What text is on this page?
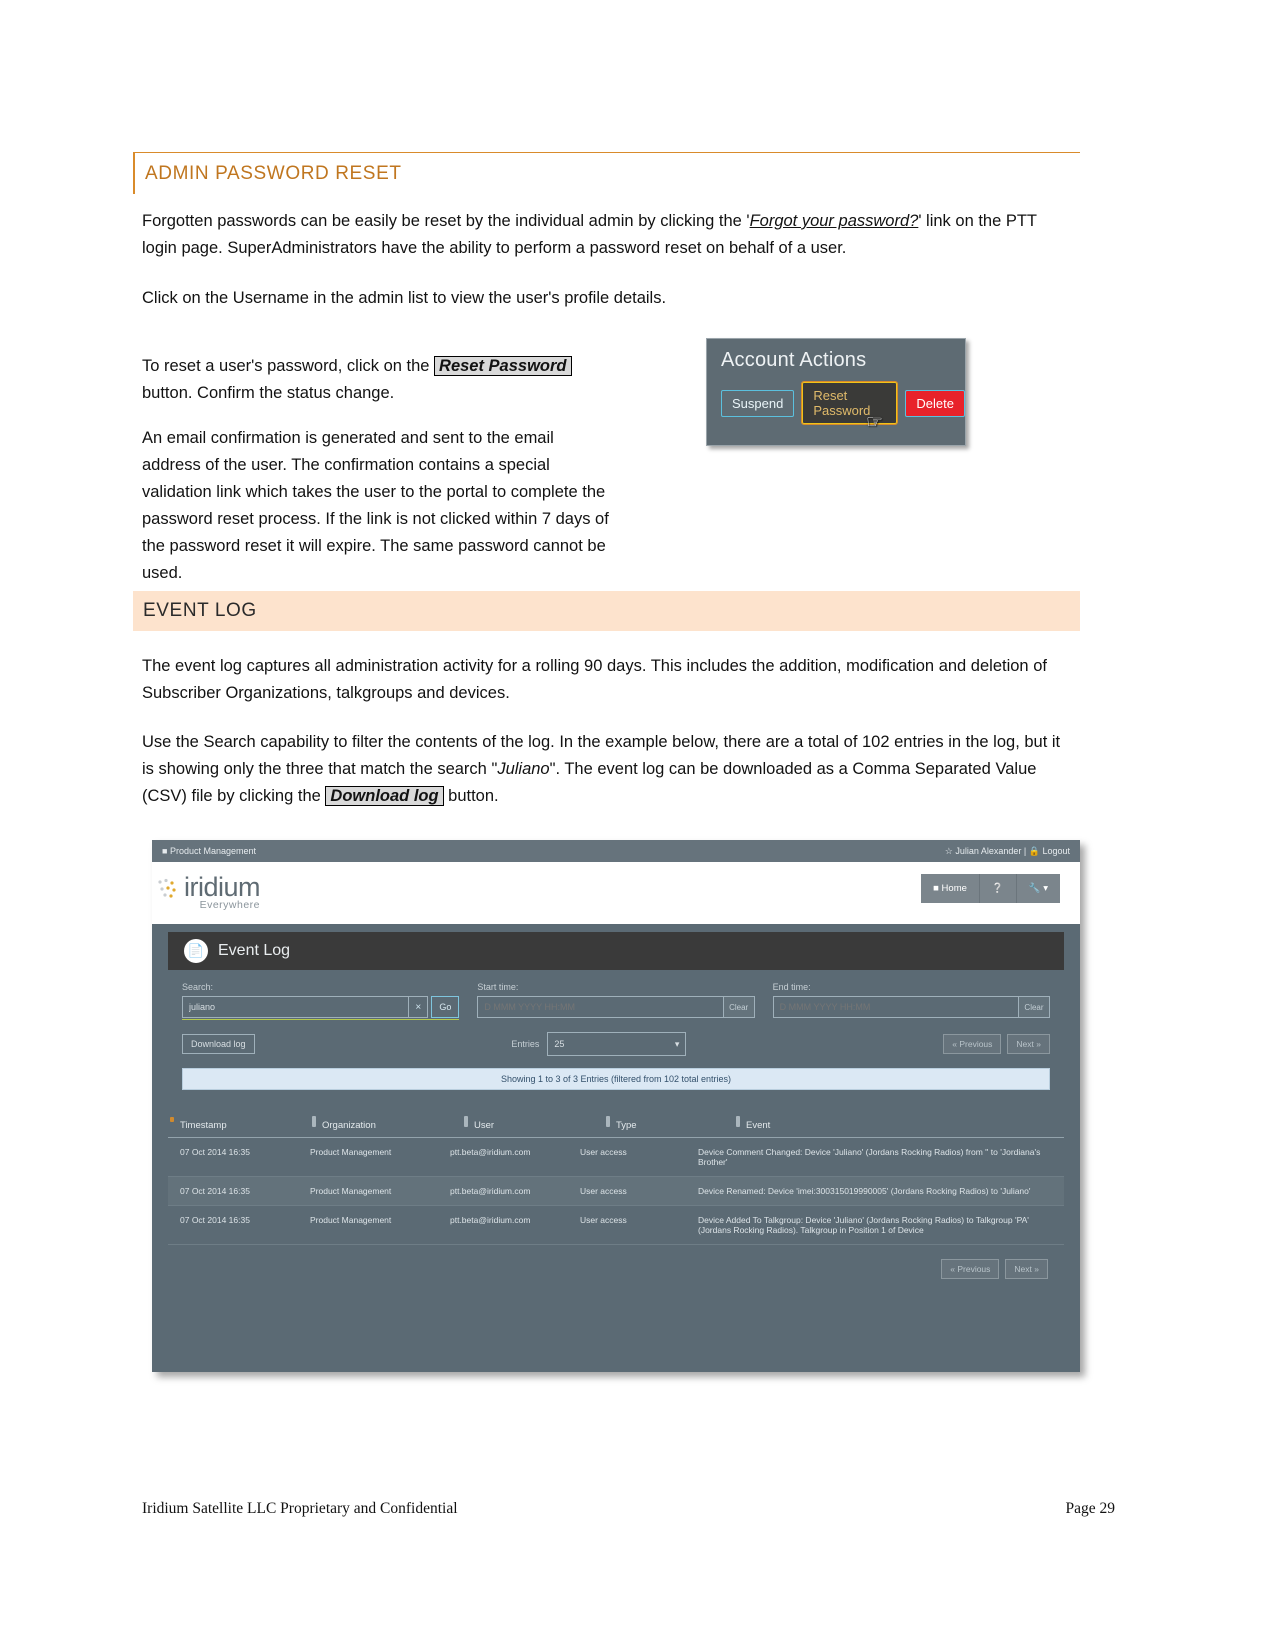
ADMIN PASSWORD RESET
Forgotten passwords can be easily be reset by the individual admin by clicking the 'Forgot your password?' link on the PTT login page. SuperAdministrators have the ability to perform a password reset on behalf of a user.
Click on the Username in the admin list to view the user's profile details.
To reset a user's password, click on the Reset Password button. Confirm the status change.
An email confirmation is generated and sent to the email address of the user. The confirmation contains a special validation link which takes the user to the portal to complete the password reset process. If the link is not clicked within 7 days of the password reset it will expire. The same password cannot be used.
Account Actions
Suspend	Reset Password	Delete
☞
EVENT LOG
The event log captures all administration activity for a rolling 90 days. This includes the addition, modification and deletion of Subscriber Organizations, talkgroups and devices.
Use the Search capability to filter the contents of the log. In the example below, there are a total of 102 entries in the log, but it is showing only the three that match the search "Juliano". The event log can be downloaded as a Comma Separated Value (CSV) file by clicking the Download log button.
■ Product Management	☆ Julian Alexander | 🔒 Logout
iridium
Everywhere
■ Home	❔	🔧 ▾
📄 Event Log
Search:
juliano
×	Go
Start time:
D MMM YYYY HH:MM
Clear
End time:
D MMM YYYY HH:MM
Clear
Download log	Entries 25	▾	« Previous	Next »
Showing 1 to 3 of 3 Entries (filtered from 102 total entries)
Timestamp	Organization	User	Type	Event
07 Oct 2014 16:35	Product Management	ptt.beta@iridium.com	User access	Device Comment Changed: Device 'Juliano' (Jordans Rocking Radios) from '' to 'Jordiana's Brother'
07 Oct 2014 16:35	Product Management	ptt.beta@iridium.com	User access	Device Renamed: Device 'imei:300315019990005' (Jordans Rocking Radios) to 'Juliano'
07 Oct 2014 16:35	Product Management	ptt.beta@iridium.com	User access	Device Added To Talkgroup: Device 'Juliano' (Jordans Rocking Radios) to Talkgroup 'PA' (Jordans Rocking Radios). Talkgroup in Position 1 of Device
« Previous	Next »
Iridium Satellite LLC Proprietary and Confidential	Page 29
